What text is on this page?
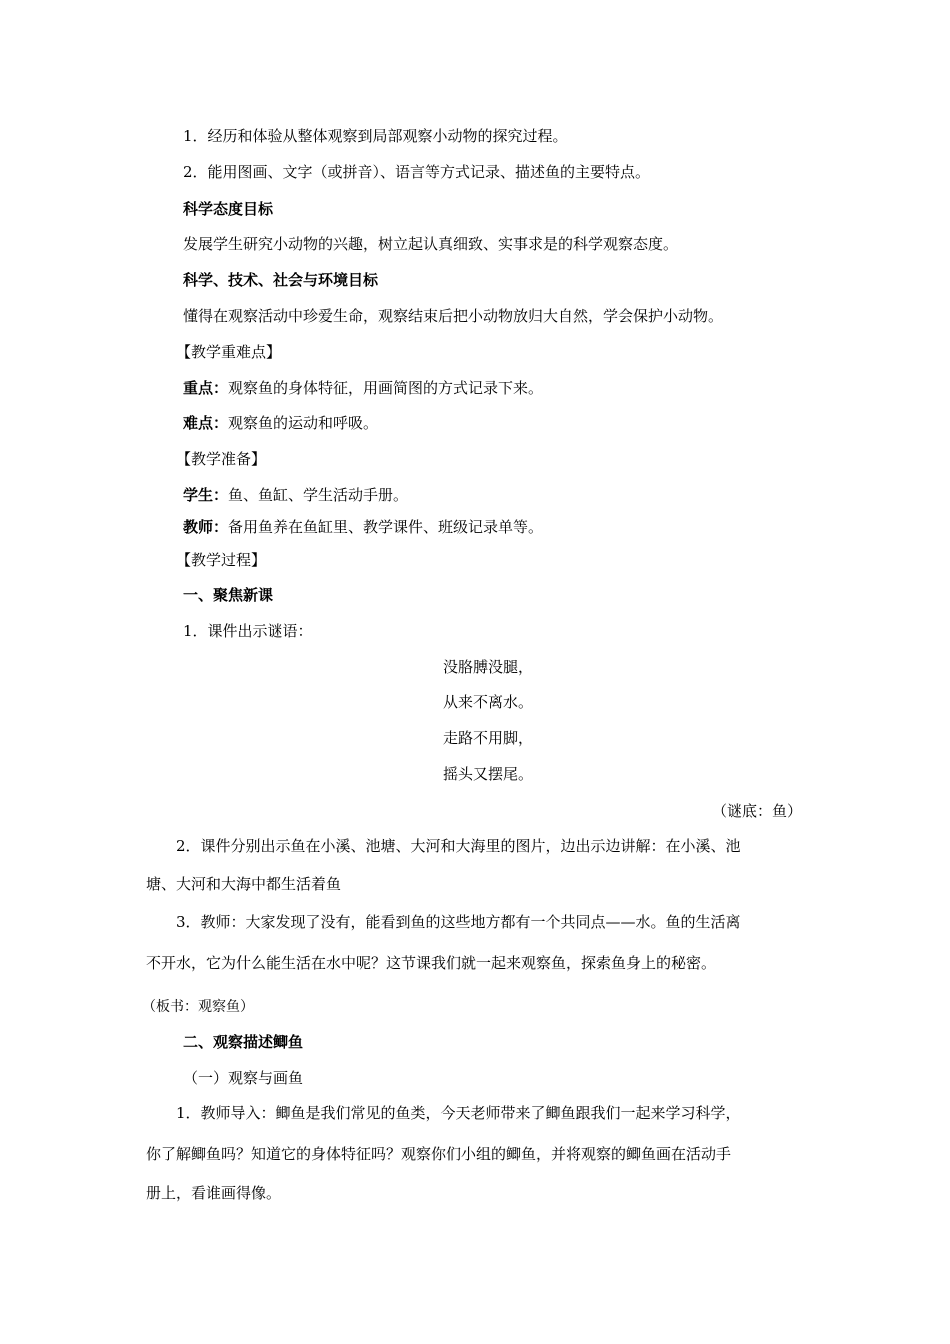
1．经历和体验从整体观察到局部观察小动物的探究过程。
2．能用图画、文字（或拼音）、语言等方式记录、描述鱼的主要特点。
科学态度目标
发展学生研究小动物的兴趣，树立起认真细致、实事求是的科学观察态度。
科学、技术、社会与环境目标
懂得在观察活动中珍爱生命，观察结束后把小动物放归大自然，学会保护小动物。
【教学重难点】
重点：观察鱼的身体特征，用画简图的方式记录下来。
难点：观察鱼的运动和呼吸。
【教学准备】
学生：鱼、鱼缸、学生活动手册。
教师：备用鱼养在鱼缸里、教学课件、班级记录单等。
【教学过程】
一、聚焦新课
1．课件出示谜语：
没胳膊没腿，
从来不离水。
走路不用脚，
摇头又摆尾。
（谜底：鱼）
2．课件分别出示鱼在小溪、池塘、大河和大海里的图片，边出示边讲解：在小溪、池
塘、大河和大海中都生活着鱼
3．教师：大家发现了没有，能看到鱼的这些地方都有一个共同点——水。鱼的生活离
不开水，它为什么能生活在水中呢？这节课我们就一起来观察鱼，探索鱼身上的秘密。
（板书：观察鱼）
二、观察描述鲫鱼
（一）观察与画鱼
1．教师导入：鲫鱼是我们常见的鱼类，今天老师带来了鲫鱼跟我们一起来学习科学，
你了解鲫鱼吗？知道它的身体特征吗？观察你们小组的鲫鱼，并将观察的鲫鱼画在活动手
册上，看谁画得像。
